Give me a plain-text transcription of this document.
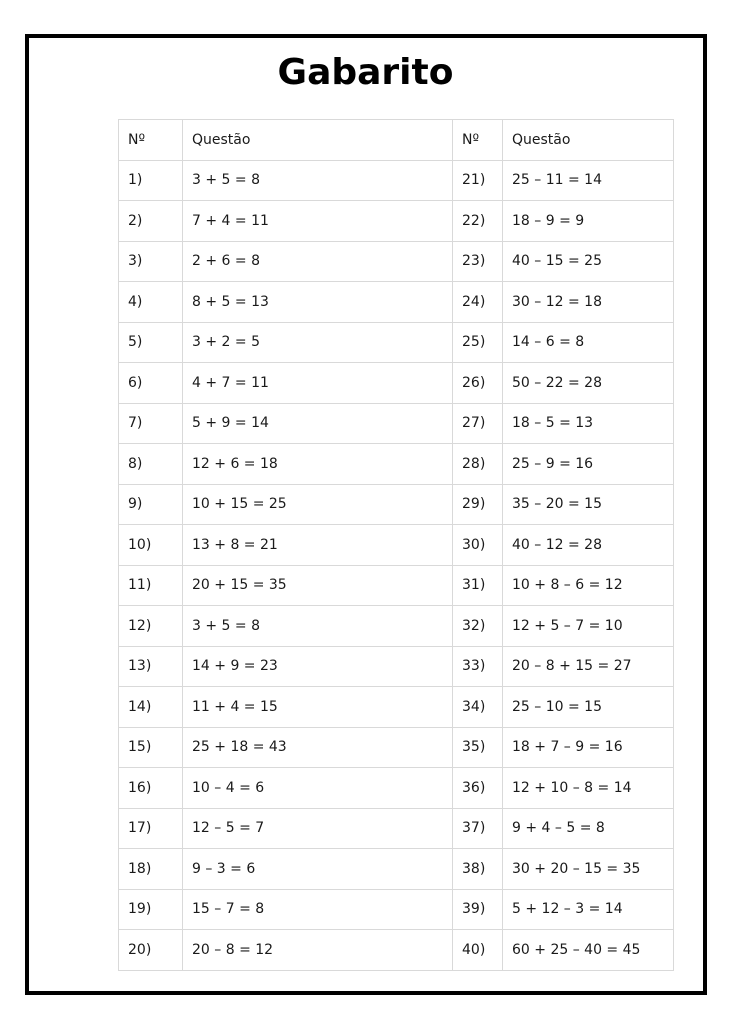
Gabarito
Nº	Questão	Nº	Questão
1)	3 + 5 = 8	21)	25 – 11 = 14
2)	7 + 4 = 11	22)	18 – 9 = 9
3)	2 + 6 = 8	23)	40 – 15 = 25
4)	8 + 5 = 13	24)	30 – 12 = 18
5)	3 + 2 = 5	25)	14 – 6 = 8
6)	4 + 7 = 11	26)	50 – 22 = 28
7)	5 + 9 = 14	27)	18 – 5 = 13
8)	12 + 6 = 18	28)	25 – 9 = 16
9)	10 + 15 = 25	29)	35 – 20 = 15
10)	13 + 8 = 21	30)	40 – 12 = 28
11)	20 + 15 = 35	31)	10 + 8 – 6 = 12
12)	3 + 5 = 8	32)	12 + 5 – 7 = 10
13)	14 + 9 = 23	33)	20 – 8 + 15 = 27
14)	11 + 4 = 15	34)	25 – 10 = 15
15)	25 + 18 = 43	35)	18 + 7 – 9 = 16
16)	10 – 4 = 6	36)	12 + 10 – 8 = 14
17)	12 – 5 = 7	37)	9 + 4 – 5 = 8
18)	9 – 3 = 6	38)	30 + 20 – 15 = 35
19)	15 – 7 = 8	39)	5 + 12 – 3 = 14
20)	20 – 8 = 12	40)	60 + 25 – 40 = 45
